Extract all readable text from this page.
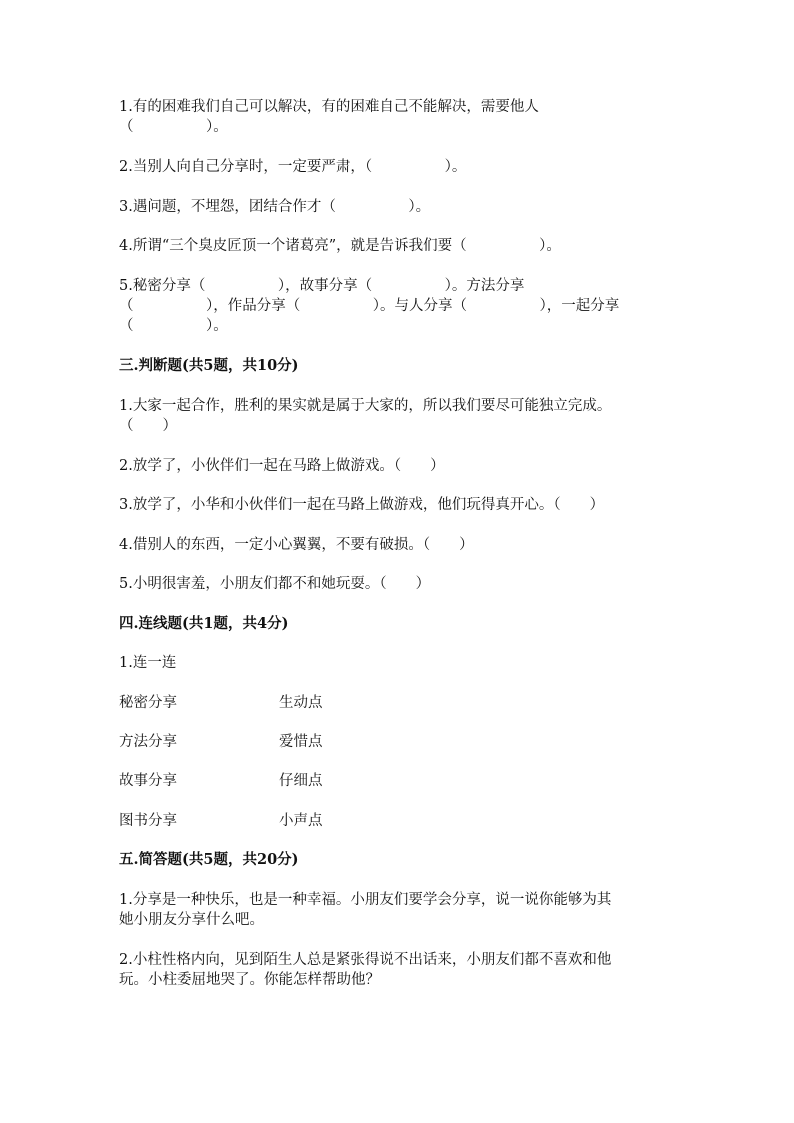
1.有的困难我们自己可以解决，有的困难自己不能解决，需要他人
（　　　　　）。
2.当别人向自己分享时，一定要严肃，（　　　　　）。
3.遇问题，不埋怨，团结合作才（　　　　　）。
4.所谓“三个臭皮匠顶一个诸葛亮”，就是告诉我们要（　　　　　）。
5.秘密分享（　　　　　），故事分享（　　　　　）。方法分享
（　　　　　），作品分享（　　　　　）。与人分享（　　　　　），一起分享
（　　　　　）。
三.判断题(共5题，共10分)
1.大家一起合作，胜利的果实就是属于大家的，所以我们要尽可能独立完成。
（　　）
2.放学了，小伙伴们一起在马路上做游戏。（　　）
3.放学了，小华和小伙伴们一起在马路上做游戏，他们玩得真开心。（　　）
4.借别人的东西，一定小心翼翼，不要有破损。（　　）
5.小明很害羞，小朋友们都不和她玩耍。（　　）
四.连线题(共1题，共4分)
1.连一连
秘密分享	生动点
方法分享	爱惜点
故事分享	仔细点
图书分享	小声点
五.简答题(共5题，共20分)
1.分享是一种快乐，也是一种幸福。小朋友们要学会分享，说一说你能够为其
她小朋友分享什么吧。
2.小柱性格内向，见到陌生人总是紧张得说不出话来，小朋友们都不喜欢和他
玩。小柱委屈地哭了。你能怎样帮助他？
